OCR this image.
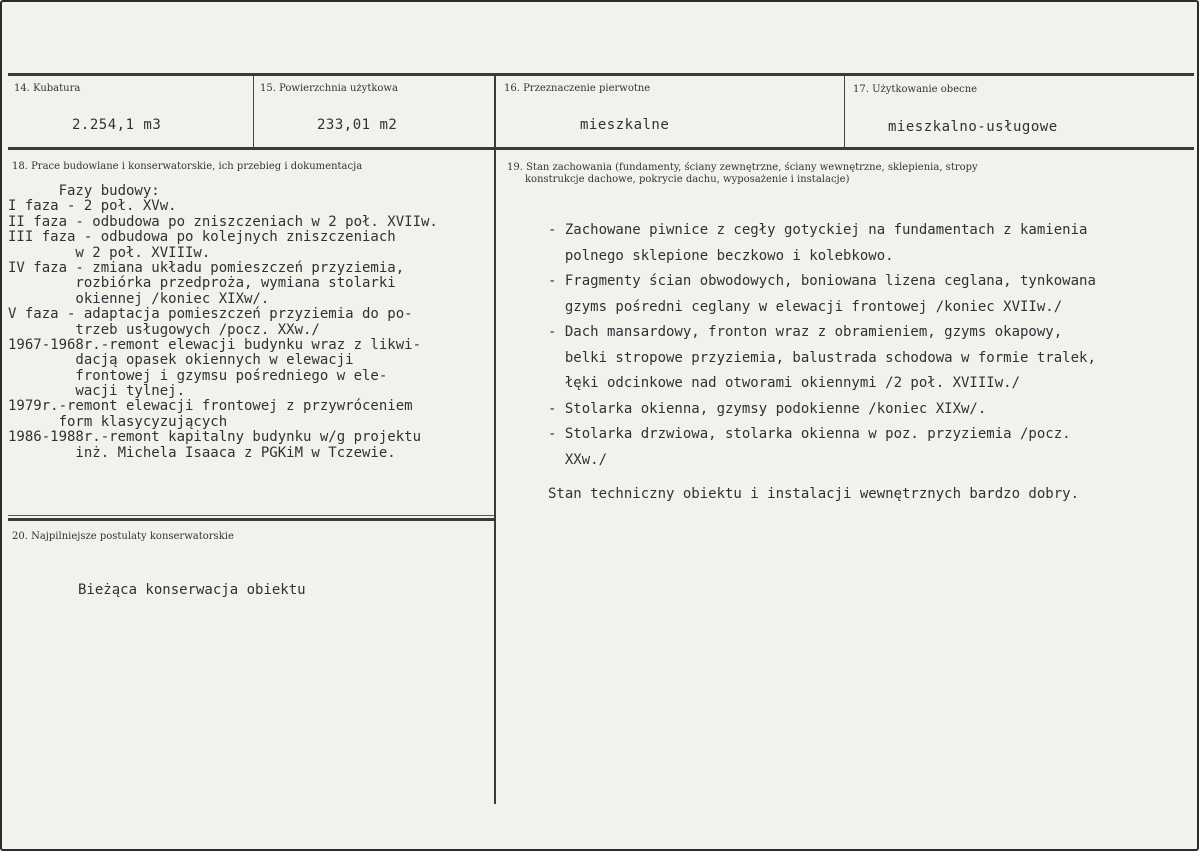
14. Kubatura
2.254,1 m3
15. Powierzchnia użytkowa
233,01 m2
16. Przeznaczenie pierwotne
mieszkalne
17. Użytkowanie obecne
mieszkalno-usługowe
18. Prace budowlane i konserwatorskie, ich przebieg i dokumentacja
Fazy budowy:
I faza - 2 poł. XVw.
II faza - odbudowa po zniszczeniach w 2 poł. XVIIw.
III faza - odbudowa po kolejnych zniszczeniach
w 2 poł. XVIIIw.
IV faza - zmiana układu pomieszczeń przyziemia,
rozbiórka przedproża, wymiana stolarki
okiennej /koniec XIXw/.
V faza - adaptacja pomieszczeń przyziemia do po-
trzeb usługowych /pocz. XXw./
1967-1968r.-remont elewacji budynku wraz z likwi-
dacją opasek okiennych w elewacji
frontowej i gzymsu pośredniego w ele-
wacji tylnej.
1979r.-remont elewacji frontowej z przywróceniem
form klasycyzujących
1986-1988r.-remont kapitalny budynku w/g projektu
inż. Michela Isaaca z PGKiM w Tczewie.
19. Stan zachowania (fundamenty, ściany zewnętrzne, ściany wewnętrzne, sklepienia, stropy
konstrukcje dachowe, pokrycie dachu, wyposażenie i instalacje)
- Zachowane piwnice z cegły gotyckiej na fundamentach z kamienia
polnego sklepione beczkowo i kolebkowo.
- Fragmenty ścian obwodowych, boniowana lizena ceglana, tynkowana
gzyms pośredni ceglany w elewacji frontowej /koniec XVIIw./
- Dach mansardowy, fronton wraz z obramieniem, gzyms okapowy,
belki stropowe przyziemia, balustrada schodowa w formie tralek,
łęki odcinkowe nad otworami okiennymi /2 poł. XVIIIw./
- Stolarka okienna, gzymsy podokienne /koniec XIXw/.
- Stolarka drzwiowa, stolarka okienna w poz. przyziemia /pocz.
XXw./
Stan techniczny obiektu i instalacji wewnętrznych bardzo dobry.
20. Najpilniejsze postulaty konserwatorskie
Bieżąca konserwacja obiektu
